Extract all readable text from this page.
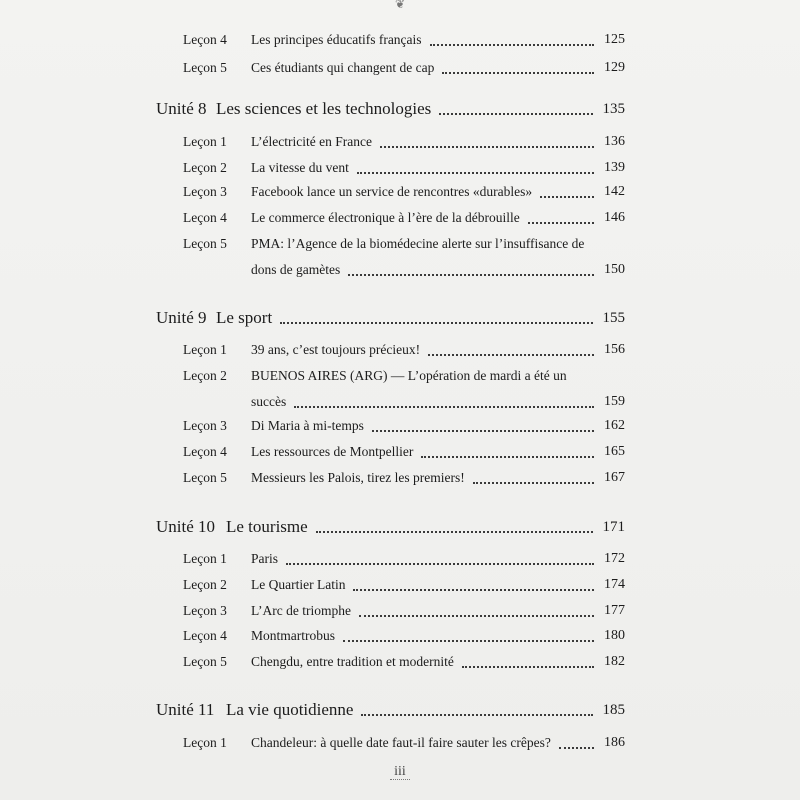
❦

Leçon 4 Les principes éducatifs français	125
Leçon 5 Ces étudiants qui changent de cap	129
Unité 8 Les sciences et les technologies	135
Leçon 1 L’électricité en France	136
Leçon 2 La vitesse du vent	139
Leçon 3 Facebook lance un service de rencontres «durables»	142
Leçon 4 Le commerce électronique à l’ère de la débrouille	146
Leçon 5 PMA: l’Agence de la biomédecine alerte sur l’insuffisance de
dons de gamètes	150
Unité 9 Le sport	155
Leçon 1 39 ans, c’est toujours précieux!	156
Leçon 2 BUENOS AIRES (ARG) — L’opération de mardi a été un
succès	159
Leçon 3 Di Maria à mi-temps	162
Leçon 4 Les ressources de Montpellier	165
Leçon 5 Messieurs les Palois, tirez les premiers!	167
Unité 10 Le tourisme	171
Leçon 1 Paris	172
Leçon 2 Le Quartier Latin	174
Leçon 3 L’Arc de triomphe	177
Leçon 4 Montmartrobus	180
Leçon 5 Chengdu, entre tradition et modernité	182
Unité 11 La vie quotidienne	185
Leçon 1 Chandeleur: à quelle date faut-il faire sauter les crêpes?	186
iii
